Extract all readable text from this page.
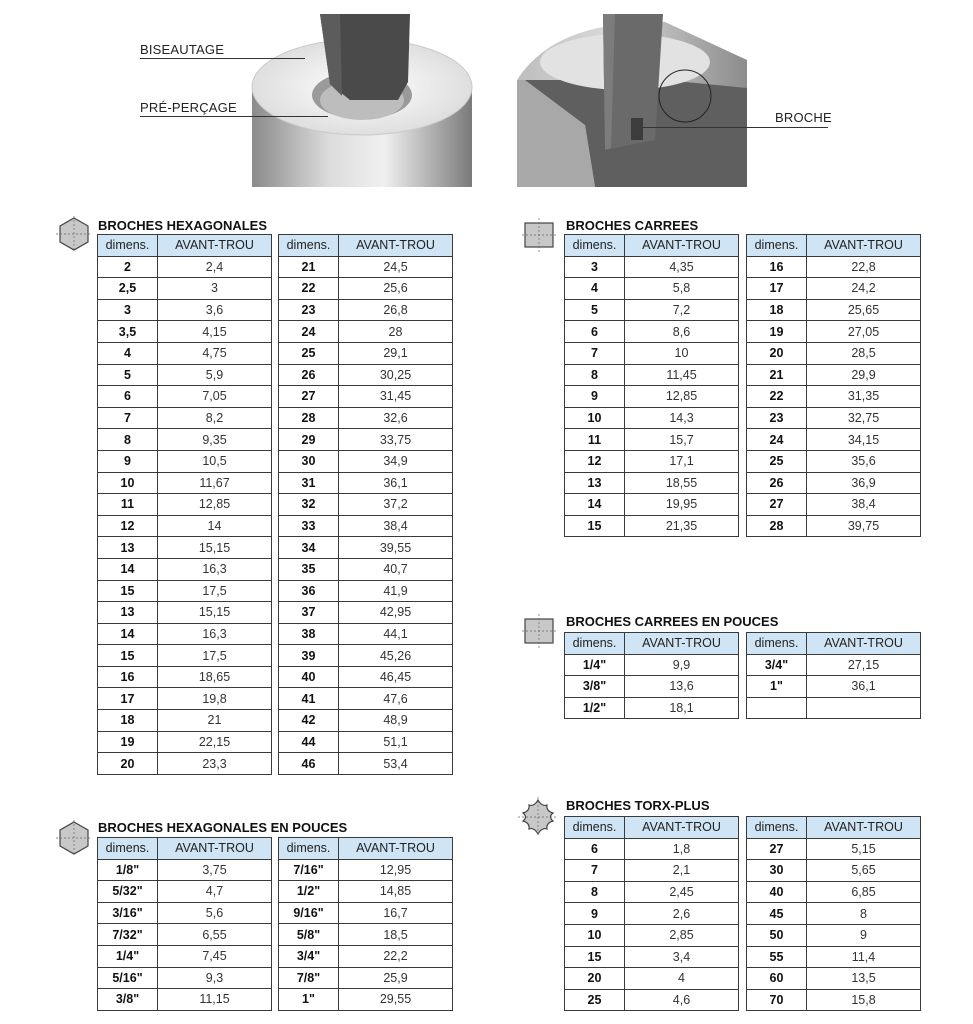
BISEAUTAGE
PRÉ-PERÇAGE
BROCHE
BROCHES HEXAGONALES
dimens.	AVANT-TROU
2	2,4
2,5	3
3	3,6
3,5	4,15
4	4,75
5	5,9
6	7,05
7	8,2
8	9,35
9	10,5
10	11,67
11	12,85
12	14
13	15,15
14	16,3
15	17,5
13	15,15
14	16,3
15	17,5
16	18,65
17	19,8
18	21
19	22,15
20	23,3
dimens.	AVANT-TROU
21	24,5
22	25,6
23	26,8
24	28
25	29,1
26	30,25
27	31,45
28	32,6
29	33,75
30	34,9
31	36,1
32	37,2
33	38,4
34	39,55
35	40,7
36	41,9
37	42,95
38	44,1
39	45,26
40	46,45
41	47,6
42	48,9
44	51,1
46	53,4
BROCHES CARREES
dimens.	AVANT-TROU
3	4,35
4	5,8
5	7,2
6	8,6
7	10
8	11,45
9	12,85
10	14,3
11	15,7
12	17,1
13	18,55
14	19,95
15	21,35
dimens.	AVANT-TROU
16	22,8
17	24,2
18	25,65
19	27,05
20	28,5
21	29,9
22	31,35
23	32,75
24	34,15
25	35,6
26	36,9
27	38,4
28	39,75
BROCHES CARREES EN POUCES
dimens.	AVANT-TROU
1/4"	9,9
3/8"	13,6
1/2"	18,1
dimens.	AVANT-TROU
3/4"	27,15
1"	36,1

BROCHES HEXAGONALES EN POUCES
dimens.	AVANT-TROU
1/8"	3,75
5/32"	4,7
3/16"	5,6
7/32"	6,55
1/4"	7,45
5/16"	9,3
3/8"	11,15
dimens.	AVANT-TROU
7/16"	12,95
1/2"	14,85
9/16"	16,7
5/8"	18,5
3/4"	22,2
7/8"	25,9
1"	29,55
BROCHES TORX-PLUS
dimens.	AVANT-TROU
6	1,8
7	2,1
8	2,45
9	2,6
10	2,85
15	3,4
20	4
25	4,6
dimens.	AVANT-TROU
27	5,15
30	5,65
40	6,85
45	8
50	9
55	11,4
60	13,5
70	15,8
